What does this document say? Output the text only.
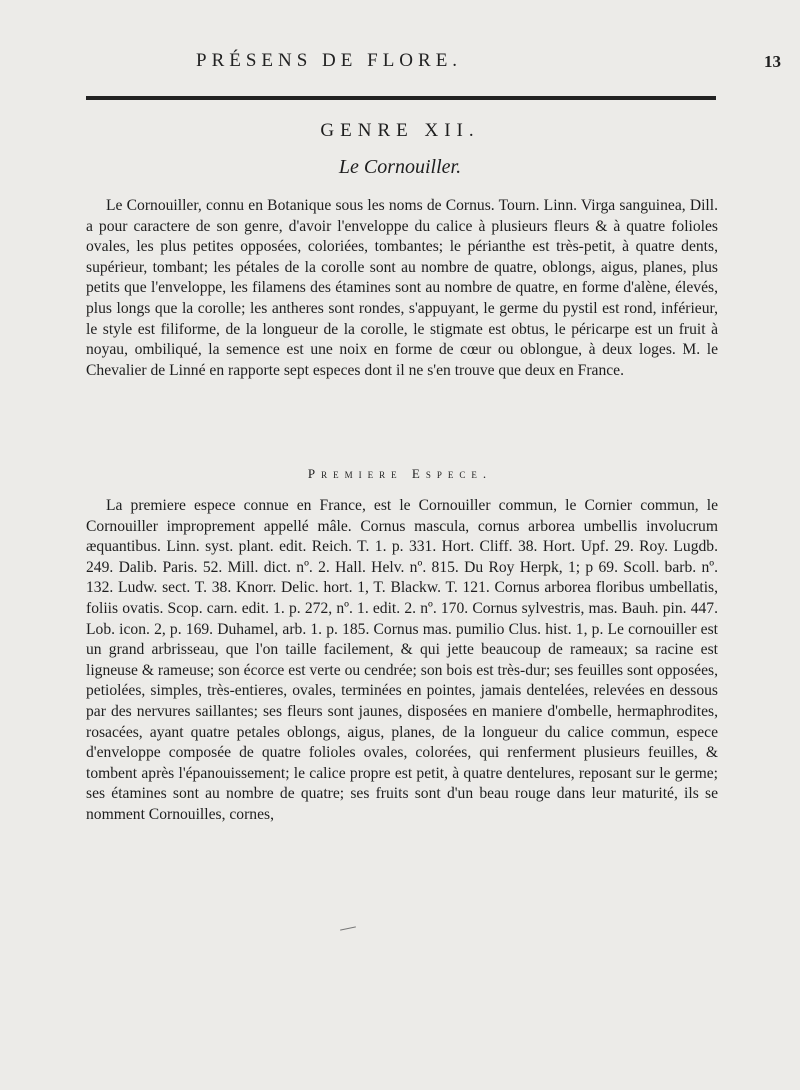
PRÉSENS DE FLORE.	13
GENRE XII.
Le Cornouiller.

Le Cornouiller, connu en Botanique sous les noms de Cornus. Tourn. Linn. Virga sanguinea, Dill. a pour caractere de son genre, d'avoir l'enveloppe du calice à plusieurs fleurs & à quatre folioles ovales, les plus petites opposées, coloriées, tombantes; le périanthe est très-petit, à quatre dents, supérieur, tombant; les pétales de la corolle sont au nombre de quatre, oblongs, aigus, planes, plus petits que l'enveloppe, les filamens des étamines sont au nombre de quatre, en forme d'alène, élevés, plus longs que la corolle; les antheres sont rondes, s'appuyant, le germe du pystil est rond, inférieur, le style est filiforme, de la longueur de la corolle, le stigmate est obtus, le péricarpe est un fruit à noyau, ombiliqué, la semence est une noix en forme de cœur ou oblongue, à deux loges. M. le Chevalier de Linné en rapporte sept especes dont il ne s'en trouve que deux en France.

Premiere Espece.

La premiere espece connue en France, est le Cornouiller commun, le Cornier commun, le Cornouiller improprement appellé mâle. Cornus mascula, cornus arborea umbellis involucrum æquantibus. Linn. syst. plant. edit. Reich. T. 1. p. 331. Hort. Cliff. 38. Hort. Upf. 29. Roy. Lugdb. 249. Dalib. Paris. 52. Mill. dict. nº. 2. Hall. Helv. nº. 815. Du Roy Herpk, 1; p 69. Scoll. barb. nº. 132. Ludw. sect. T. 38. Knorr. Delic. hort. 1, T. Blackw. T. 121. Cornus arborea floribus umbellatis, foliis ovatis. Scop. carn. edit. 1. p. 272, nº. 1. edit. 2. nº. 170. Cornus sylvestris, mas. Bauh. pin. 447. Lob. icon. 2, p. 169. Duhamel, arb. 1. p. 185. Cornus mas. pumilio Clus. hist. 1, p. Le cornouiller est un grand arbrisseau, que l'on taille facilement, & qui jette beaucoup de rameaux; sa racine est ligneuse & rameuse; son écorce est verte ou cendrée; son bois est très-dur; ses feuilles sont opposées, petiolées, simples, très-entieres, ovales, terminées en pointes, jamais dentelées, relevées en dessous par des nervures saillantes; ses fleurs sont jaunes, disposées en maniere d'ombelle, hermaphrodites, rosacées, ayant quatre petales oblongs, aigus, planes, de la longueur du calice commun, espece d'enveloppe composée de quatre folioles ovales, colorées, qui renferment plusieurs feuilles, & tombent après l'épanouissement; le calice propre est petit, à quatre dentelures, reposant sur le germe; ses étamines sont au nombre de quatre; ses fruits sont d'un beau rouge dans leur maturité, ils se nomment Cornouilles, cornes,
